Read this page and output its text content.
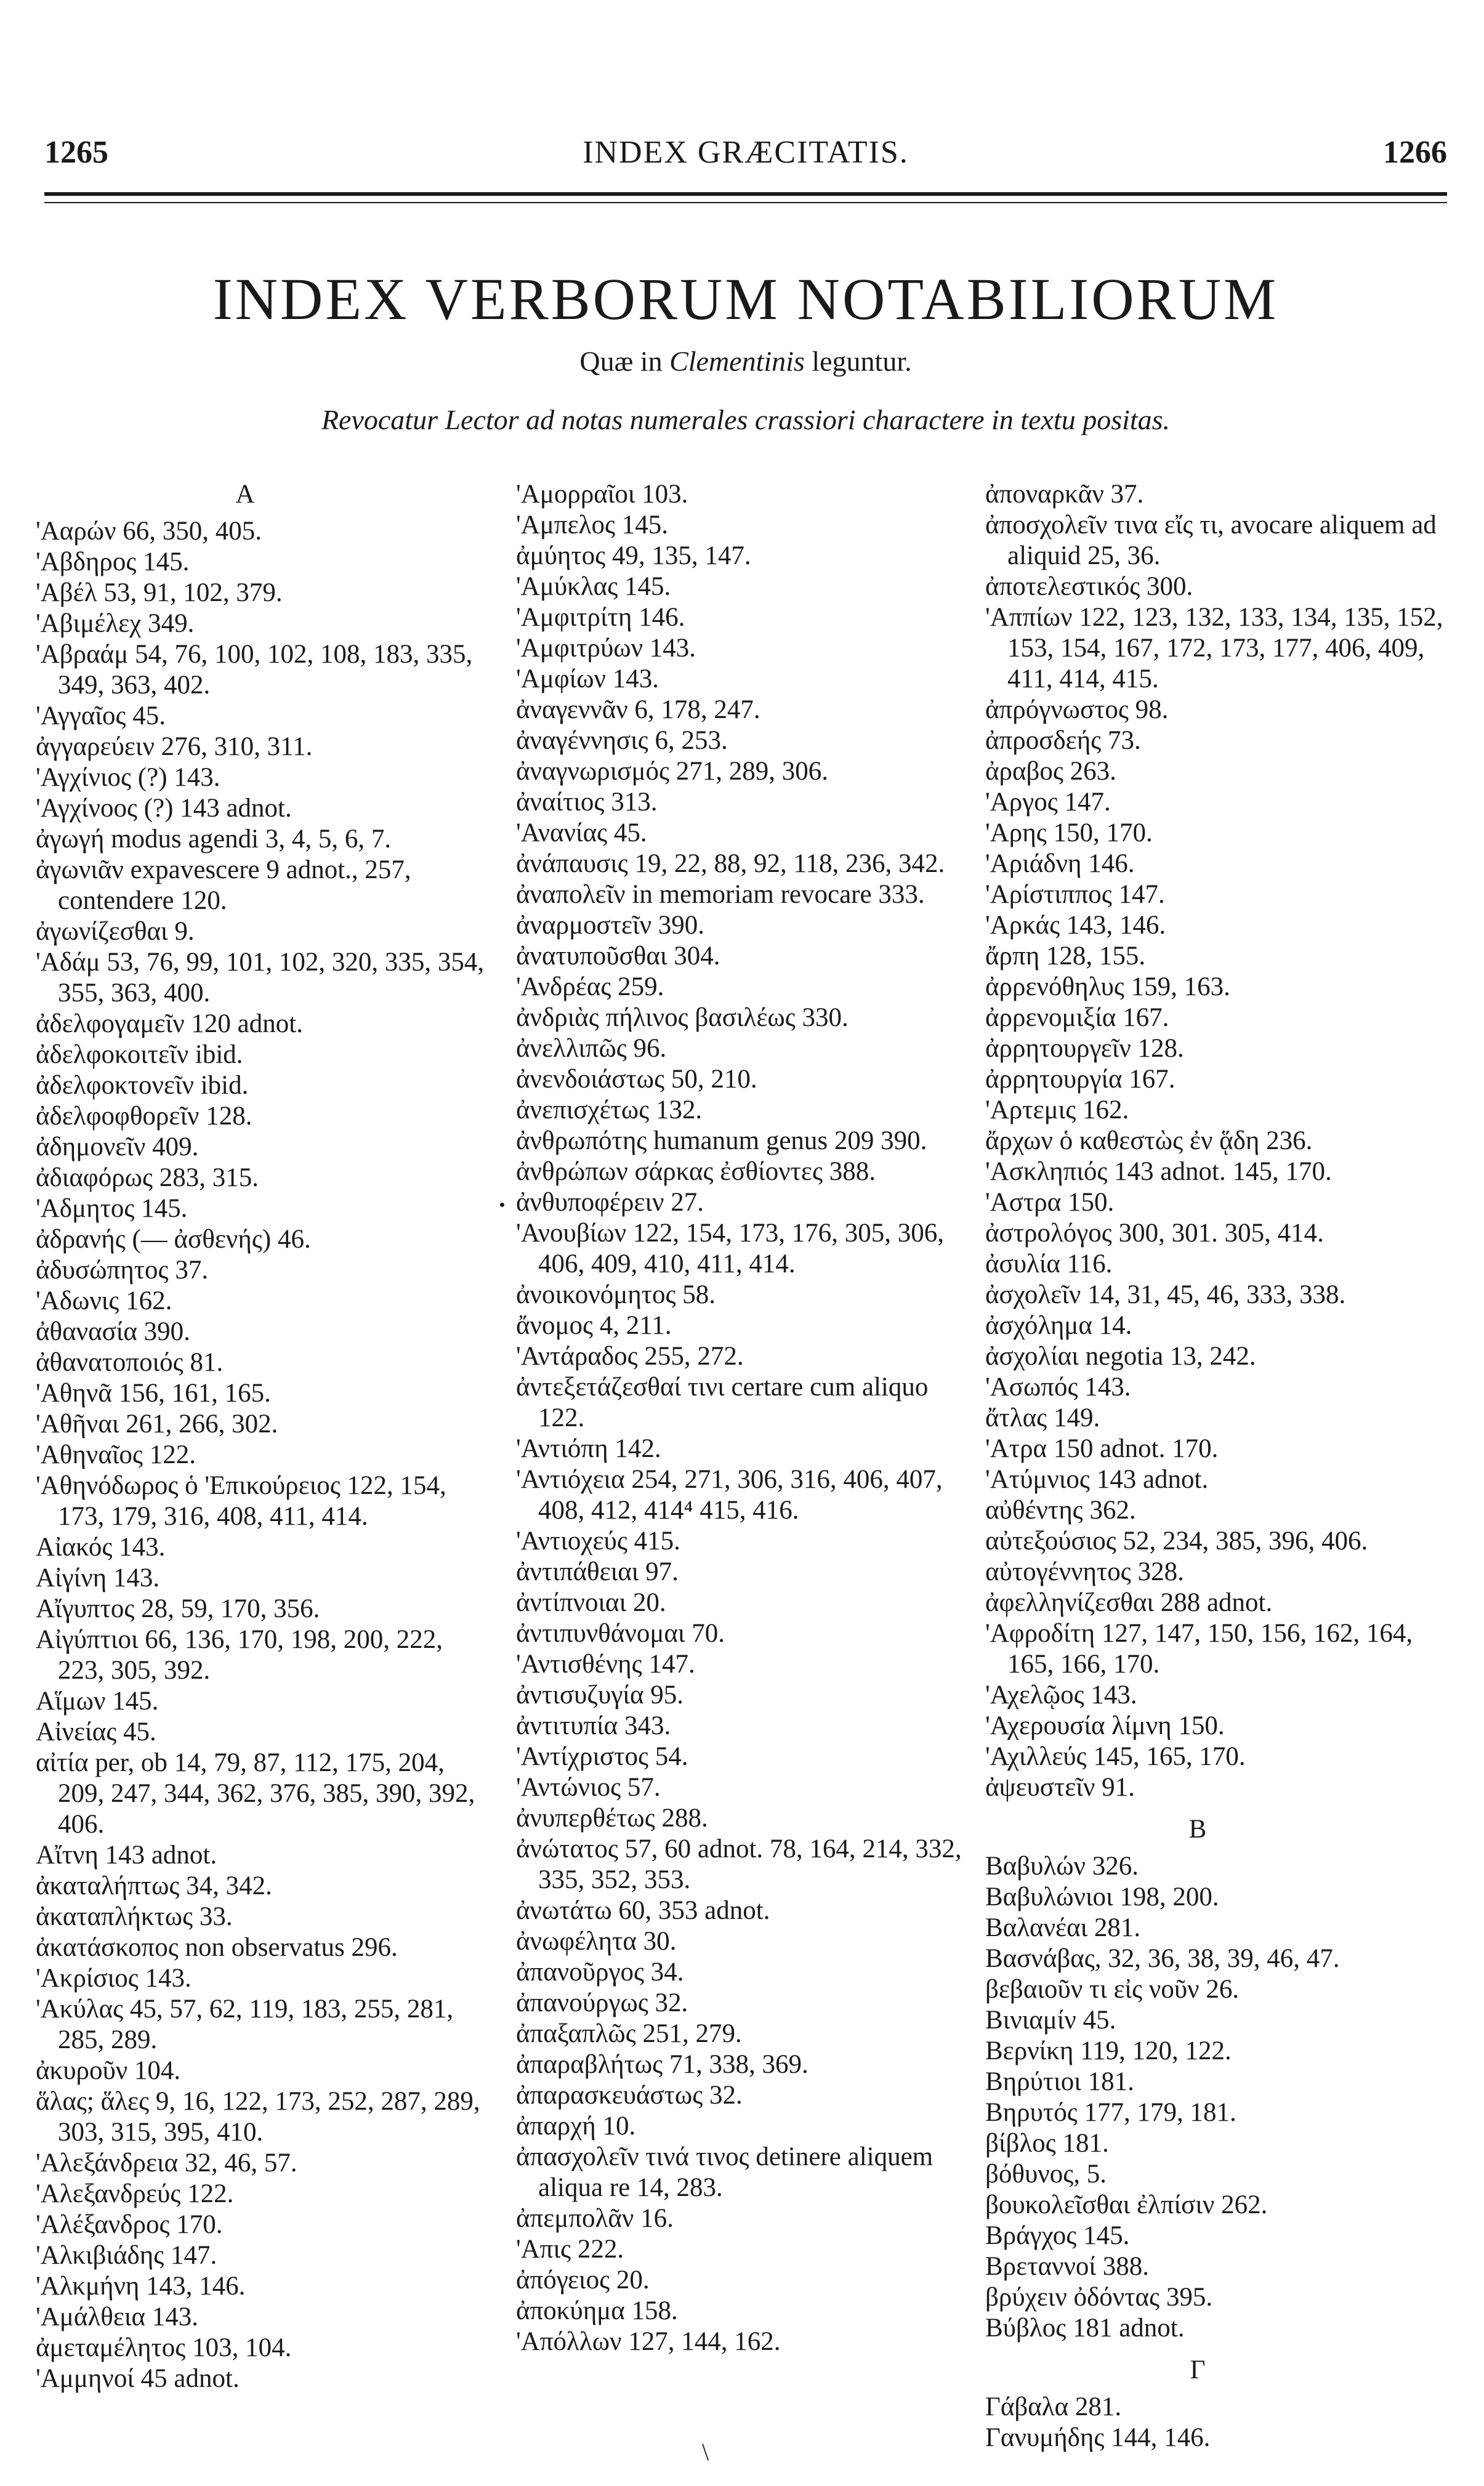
1265	INDEX GRÆCITATIS.	1266
INDEX VERBORUM NOTABILIORUM
Quæ in Clementinis leguntur.
Revocatur Lector ad notas numerales crassiori charactere in textu positas.
A
'Ααρών 66, 350, 405.
'Αβδηρος 145.
'Αβέλ 53, 91, 102, 379.
'Αβιμέλεχ 349.
'Αβραάμ 54, 76, 100, 102, 108, 183, 335, 349, 363, 402.
'Αγγαῖος 45.
ἀγγαρεύειν 276, 310, 311.
'Αγχίνιος (?) 143.
'Αγχίνοος (?) 143 adnot.
ἀγωγή modus agendi 3, 4, 5, 6, 7.
ἀγωνιᾶν expavescere 9 adnot., 257, contendere 120.
ἀγωνίζεσθαι 9.
'Αδάμ 53, 76, 99, 101, 102, 320, 335, 354, 355, 363, 400.
ἀδελφογαμεῖν 120 adnot.
ἀδελφοκοιτεῖν ibid.
ἀδελφοκτονεῖν ibid.
ἀδελφοφθορεῖν 128.
ἀδημονεῖν 409.
ἀδιαφόρως 283, 315.
'Αδμητος 145.
ἀδρανής (— ἀσθενής) 46.
ἀδυσώπητος 37.
'Αδωνις 162.
ἀθανασία 390.
ἀθανατοποιός 81.
'Αθηνᾶ 156, 161, 165.
'Αθῆναι 261, 266, 302.
'Αθηναῖος 122.
'Αθηνόδωρος ὁ 'Επικούρειος 122, 154, 173, 179, 316, 408, 411, 414.
Αἰακός 143.
Αἰγίνη 143.
Αἴγυπτος 28, 59, 170, 356.
Αἰγύπτιοι 66, 136, 170, 198, 200, 222, 223, 305, 392.
Αἵμων 145.
Αἰνείας 45.
αἰτία per, ob 14, 79, 87, 112, 175, 204, 209, 247, 344, 362, 376, 385, 390, 392, 406.
Αἴτνη 143 adnot.
ἀκαταλήπτως 34, 342.
ἀκαταπλήκτως 33.
ἀκατάσκοπος non observatus 296.
'Ακρίσιος 143.
'Ακύλας 45, 57, 62, 119, 183, 255, 281, 285, 289.
ἀκυροῦν 104.
ἅλας; ἅλες 9, 16, 122, 173, 252, 287, 289, 303, 315, 395, 410.
'Αλεξάνδρεια 32, 46, 57.
'Αλεξανδρεύς 122.
'Αλέξανδρος 170.
'Αλκιβιάδης 147.
'Αλκμήνη 143, 146.
'Αμάλθεια 143.
ἀμεταμέλητος 103, 104.
'Αμμηνοί 45 adnot.
'Αμορραῖοι 103.
'Αμπελος 145.
ἀμύητος 49, 135, 147.
'Αμύκλας 145.
'Αμφιτρίτη 146.
'Αμφιτρύων 143.
'Αμφίων 143.
ἀναγεννᾶν 6, 178, 247.
ἀναγέννησις 6, 253.
ἀναγνωρισμός 271, 289, 306.
ἀναίτιος 313.
'Ανανίας 45.
ἀνάπαυσις 19, 22, 88, 92, 118, 236, 342.
ἀναπολεῖν in memoriam revocare 333.
ἀναρμοστεῖν 390.
ἀνατυποῦσθαι 304.
'Ανδρέας 259.
ἀνδριὰς πήλινος βασιλέως 330.
ἀνελλιπῶς 96.
ἀνενδοιάστως 50, 210.
ἀνεπισχέτως 132.
ἀνθρωπότης humanum genus 209 390.
ἀνθρώπων σάρκας ἐσθίοντες 388.
ἀνθυποφέρειν 27.
'Ανουβίων 122, 154, 173, 176, 305, 306, 406, 409, 410, 411, 414.
ἀνοικονόμητος 58.
ἄνομος 4, 211.
'Αντάραδος 255, 272.
ἀντεξετάζεσθαί τινι certare cum aliquo 122.
'Αντιόπη 142.
'Αντιόχεια 254, 271, 306, 316, 406, 407, 408, 412, 414⁴ 415, 416.
'Αντιοχεύς 415.
ἀντιπάθειαι 97.
ἀντίπνοιαι 20.
ἀντιπυνθάνομαι 70.
'Αντισθένης 147.
ἀντισυζυγία 95.
ἀντιτυπία 343.
'Αντίχριστος 54.
'Αντώνιος 57.
ἀνυπερθέτως 288.
ἀνώτατος 57, 60 adnot. 78, 164, 214, 332, 335, 352, 353.
ἀνωτάτω 60, 353 adnot.
ἀνωφέλητα 30.
ἀπανοῦργος 34.
ἀπανούργως 32.
ἀπαξαπλῶς 251, 279.
ἀπαραβλήτως 71, 338, 369.
ἀπαρασκευάστως 32.
ἀπαρχή 10.
ἀπασχολεῖν τινά τινος detinere aliquem aliqua re 14, 283.
ἀπεμπολᾶν 16.
'Απις 222.
ἀπόγειος 20.
ἀποκύημα 158.
'Απόλλων 127, 144, 162.
ἀποναρκᾶν 37.
ἀποσχολεῖν τινα εἴς τι, avocare aliquem ad aliquid 25, 36.
ἀποτελεστικός 300.
'Αππίων 122, 123, 132, 133, 134, 135, 152, 153, 154, 167, 172, 173, 177, 406, 409, 411, 414, 415.
ἀπρόγνωστος 98.
ἀπροσδεής 73.
ἀραβος 263.
'Αργος 147.
'Αρης 150, 170.
'Αριάδνη 146.
'Αρίστιππος 147.
'Αρκάς 143, 146.
ἄρπη 128, 155.
ἀρρενόθηλυς 159, 163.
ἀρρενομιξία 167.
ἀρρητουργεῖν 128.
ἀρρητουργία 167.
'Αρτεμις 162.
ἄρχων ὁ καθεστὼς ἐν ᾅδη 236.
'Ασκληπιός 143 adnot. 145, 170.
'Αστρα 150.
ἀστρολόγος 300, 301. 305, 414.
ἀσυλία 116.
ἀσχολεῖν 14, 31, 45, 46, 333, 338.
ἀσχόλημα 14.
ἀσχολίαι negotia 13, 242.
'Ασωπός 143.
ἄτλας 149.
'Ατρα 150 adnot. 170.
'Ατύμνιος 143 adnot.
αὐθέντης 362.
αὐτεξούσιος 52, 234, 385, 396, 406.
αὐτογέννητος 328.
ἀφελληνίζεσθαι 288 adnot.
'Αφροδίτη 127, 147, 150, 156, 162, 164, 165, 166, 170.
'Αχελῷος 143.
'Αχερουσία λίμνη 150.
'Αχιλλεύς 145, 165, 170.
ἀψευστεῖν 91.
B
Βαβυλών 326.
Βαβυλώνιοι 198, 200.
Βαλανέαι 281.
Βασνάβας, 32, 36, 38, 39, 46, 47.
βεβαιοῦν τι εἰς νοῦν 26.
Βινιαμίν 45.
Βερνίκη 119, 120, 122.
Βηρύτιοι 181.
Βηρυτός 177, 179, 181.
βίβλος 181.
βόθυνος, 5.
βουκολεῖσθαι ἐλπίσιν 262.
Βράγχος 145.
Βρεταννοί 388.
βρύχειν ὀδόντας 395.
Βύβλος 181 adnot.
Γ
Γάβαλα 281.
Γανυμήδης 144, 146.
\
